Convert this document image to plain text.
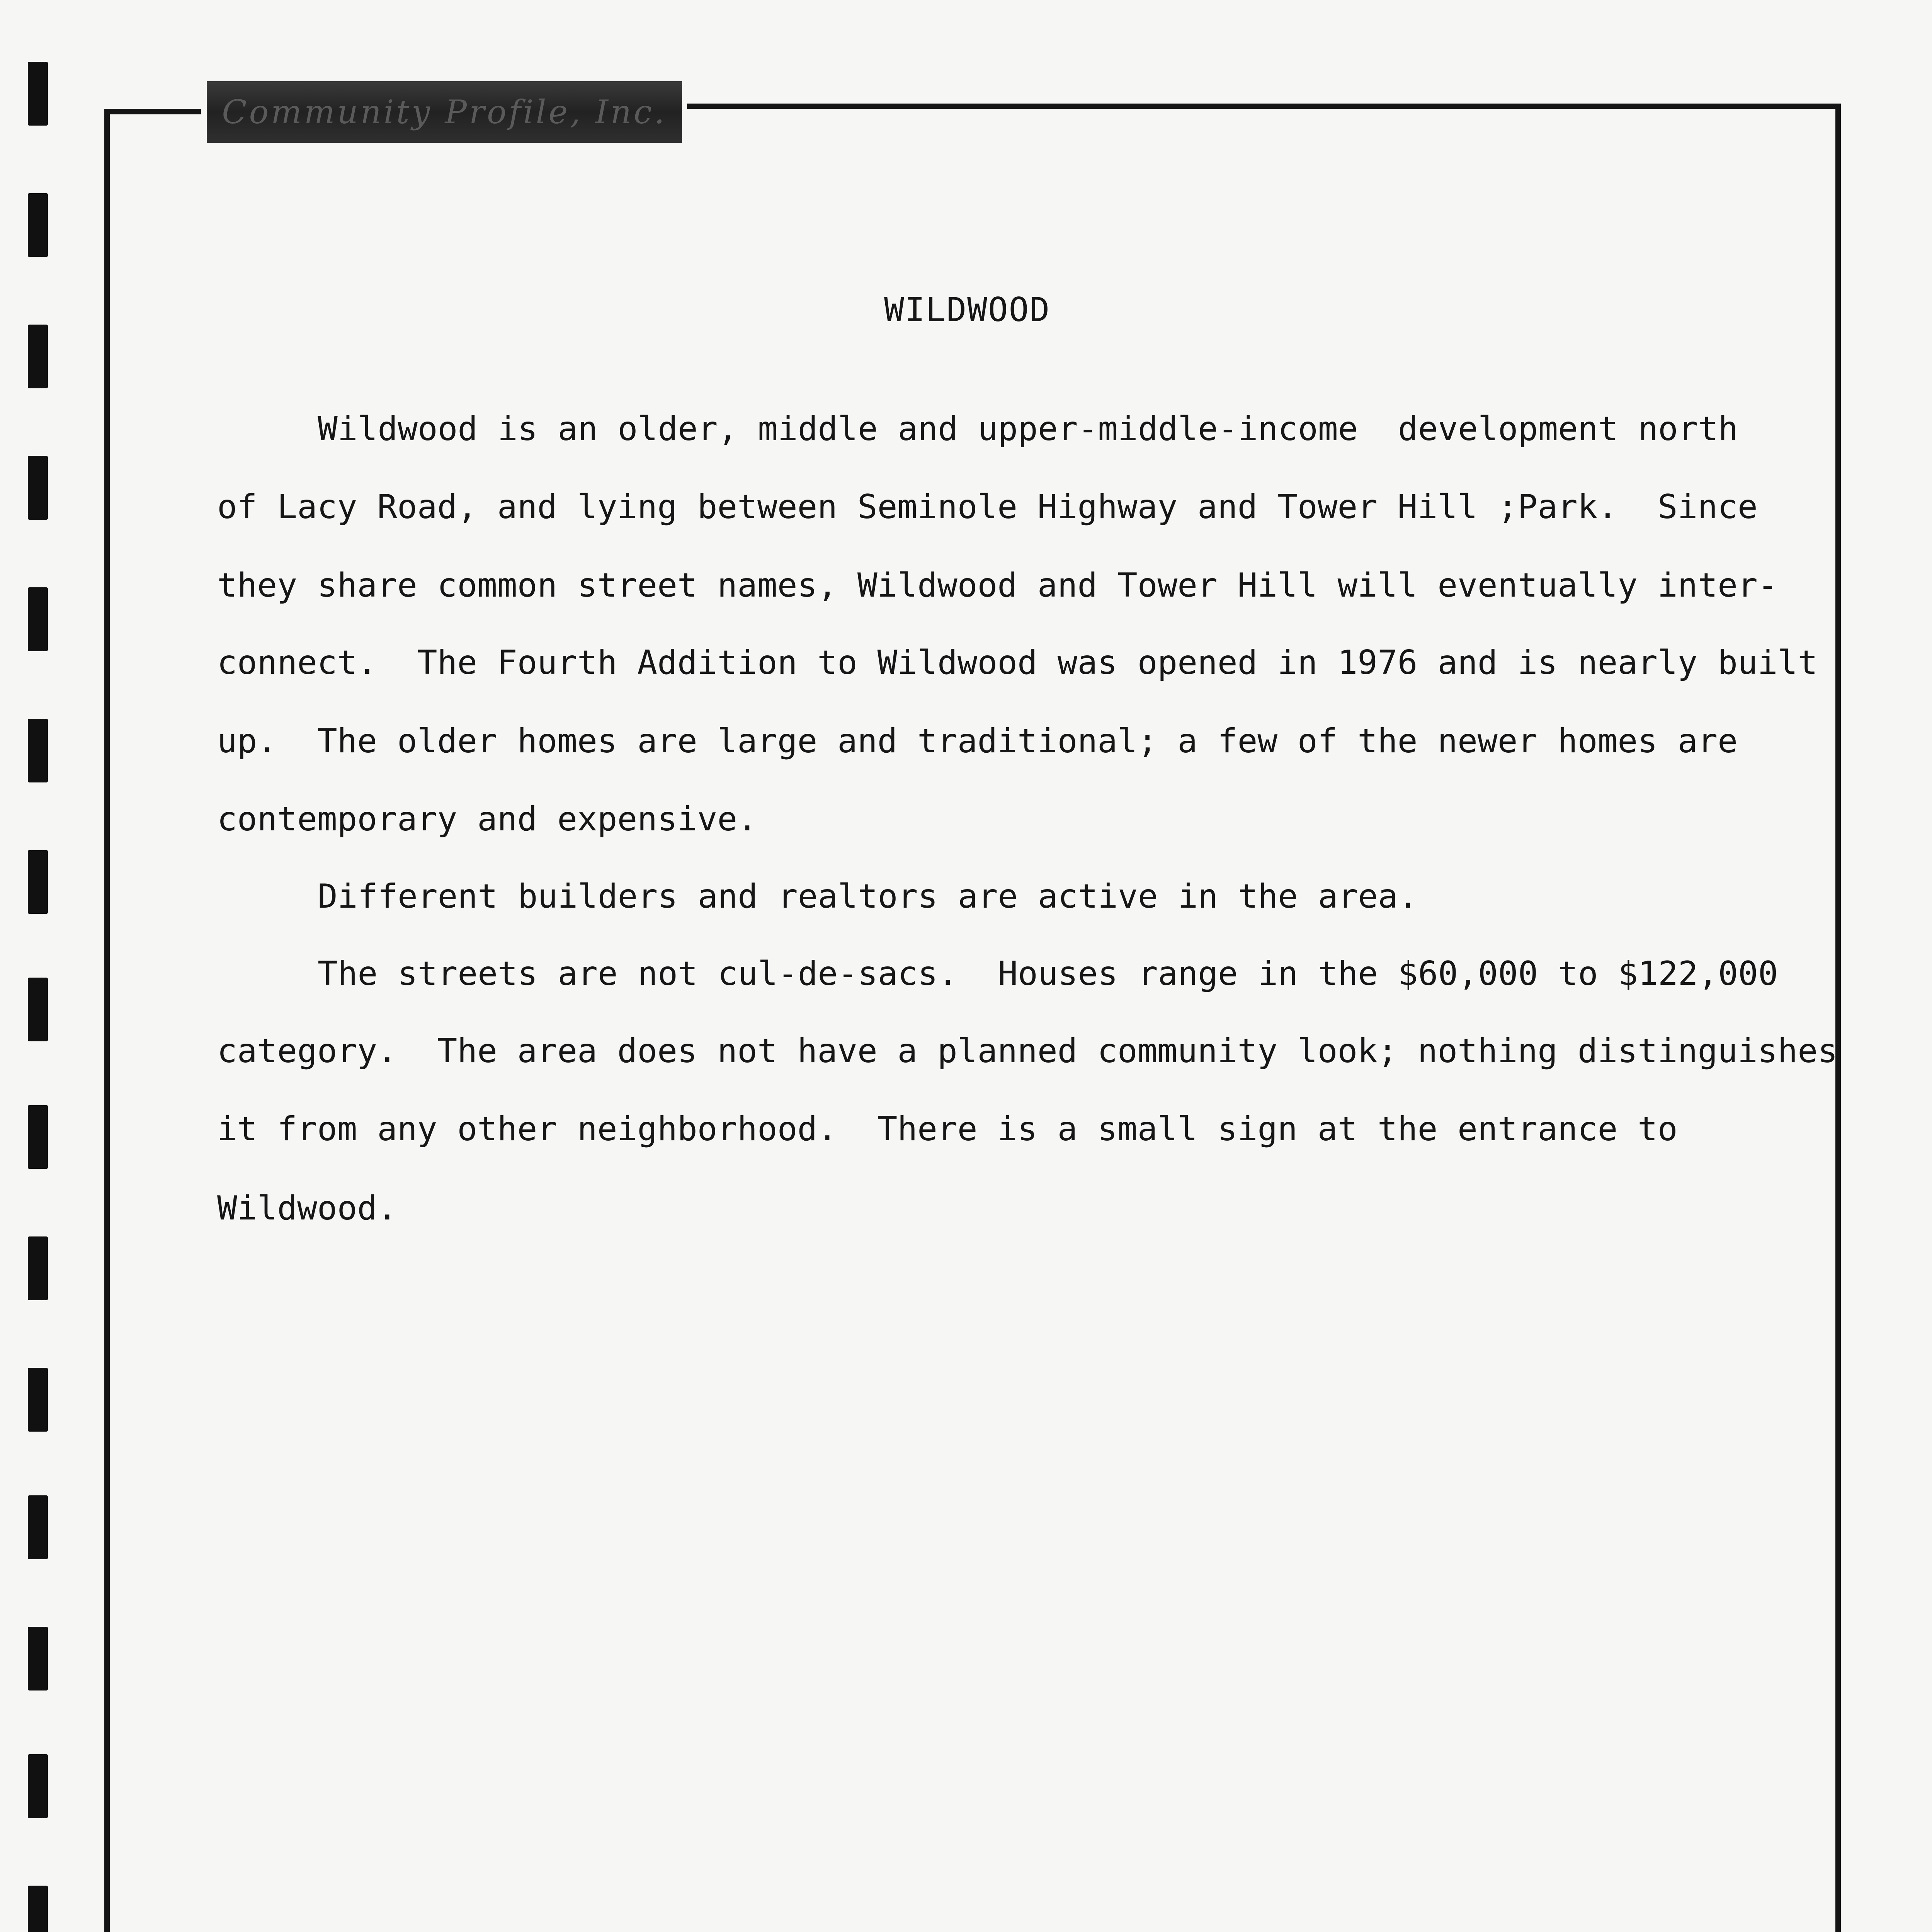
Community Profile, Inc.
WILDWOOD

Wildwood is an older, middle and upper-middle-income  development north

of Lacy Road, and lying between Seminole Highway and Tower Hill ;Park.  Since

they share common street names, Wildwood and Tower Hill will eventually inter-

connect.  The Fourth Addition to Wildwood was opened in 1976 and is nearly built

up.  The older homes are large and traditional; a few of the newer homes are

contemporary and expensive.

Different builders and realtors are active in the area.

The streets are not cul-de-sacs.  Houses range in the $60,000 to $122,000

category.  The area does not have a planned community look; nothing distinguishes

it from any other neighborhood.  There is a small sign at the entrance to

Wildwood.
